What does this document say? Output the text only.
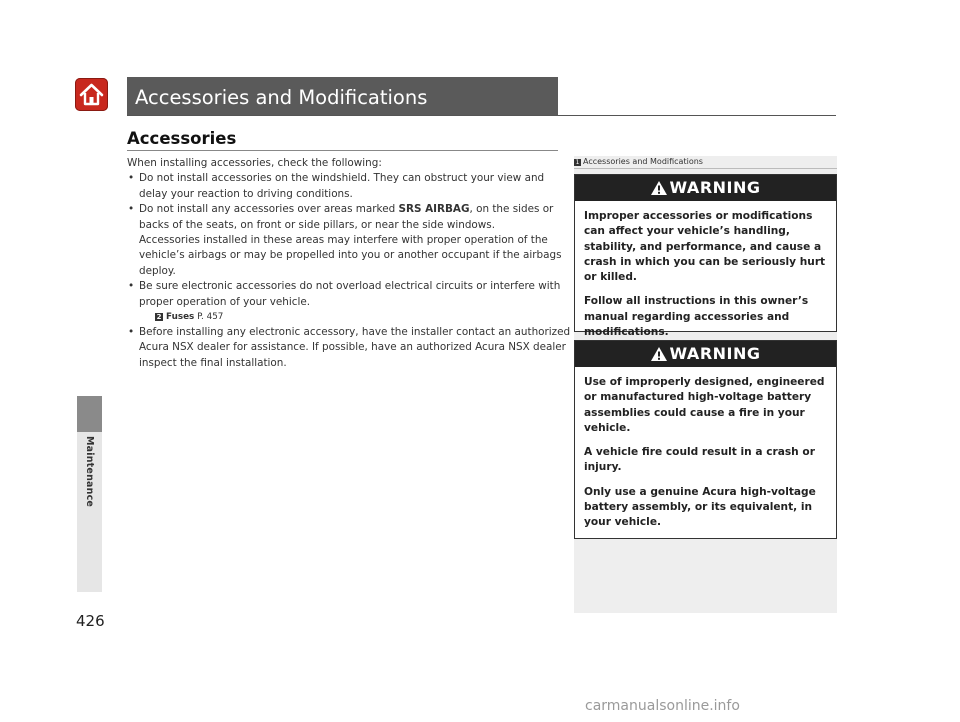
Accessories and Modifications
Maintenance
Accessories

When installing accessories, check the following:

• Do not install accessories on the windshield. They can obstruct your view and

delay your reaction to driving conditions.

• Do not install any accessories over areas marked SRS AIRBAG, on the sides or

backs of the seats, on front or side pillars, or near the side windows.

Accessories installed in these areas may interfere with proper operation of the

vehicle’s airbags or may be propelled into you or another occupant if the airbags

deploy.

• Be sure electronic accessories do not overload electrical circuits or interfere with

proper operation of your vehicle.

2 Fuses P. 457

• Before installing any electronic accessory, have the installer contact an authorized

Acura NSX dealer for assistance. If possible, have an authorized Acura NSX dealer

inspect the final installation.

1 Accessories and Modifications
WARNING

Improper accessories or modifications can affect your vehicle’s handling, stability, and performance, and cause a crash in which you can be seriously hurt or killed.

Follow all instructions in this owner’s manual regarding accessories and modifications.

WARNING

Use of improperly designed, engineered or manufactured high-voltage battery assemblies could cause a fire in your vehicle.

A vehicle fire could result in a crash or injury.

Only use a genuine Acura high-voltage battery assembly, or its equivalent, in your vehicle.

426
carmanualsonline.info
